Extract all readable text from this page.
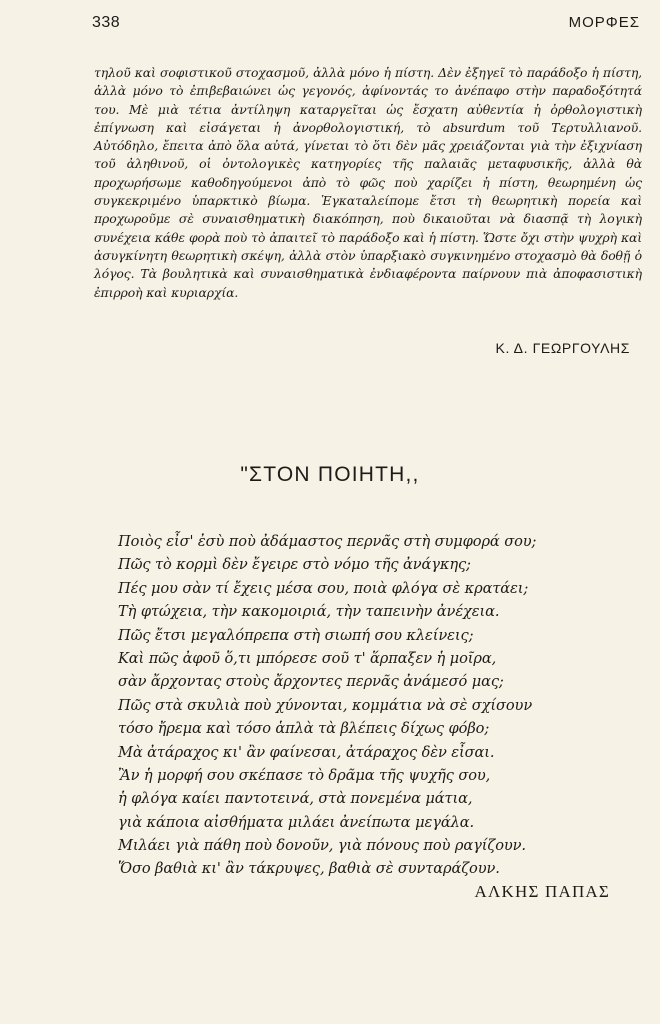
338	ΜΟΡΦΕΣ

τηλοῦ καὶ σοφιστικοῦ στοχασμοῦ, ἀλλὰ μόνο ἡ πίστη. Δὲν ἐξηγεῖ τὸ παράδοξο ἡ πίστη, ἀλλὰ μόνο τὸ ἐπιβεβαιώνει ὡς γεγονός, ἀφίνοντάς το ἀνέπαφο στὴν παραδοξότητά του. Μὲ μιὰ τέτια ἀντίληψη καταργεῖται ὡς ἔσχατη αὐθεντία ἡ ὀρθολογιστικὴ ἐπίγνωση καὶ εἰσάγεται ἡ ἀνορθολογιστική, τὸ absurdum τοῦ Τερτυλλιανοῦ. Αὐτόδηλο, ἔπειτα ἀπὸ ὅλα αὐτά, γίνεται τὸ ὅτι δὲν μᾶς χρειάζονται γιὰ τὴν ἐξιχνίαση τοῦ ἀληθινοῦ, οἱ ὀντολογικὲς κατηγορίες τῆς παλαιᾶς μεταφυσικῆς, ἀλλὰ θὰ προχωρήσωμε καθοδηγούμενοι ἀπὸ τὸ φῶς ποὺ χαρίζει ἡ πίστη, θεωρημένη ὡς συγκεκριμένο ὑπαρκτικὸ βίωμα. Ἐγκαταλείπομε ἔτσι τὴ θεωρητικὴ πορεία καὶ προχωροῦμε σὲ συναισθηματικὴ διακόπηση, ποὺ δικαιοῦται νὰ διασπᾷ τὴ λογικὴ συνέχεια κάθε φορὰ ποὺ τὸ ἀπαιτεῖ τὸ παράδοξο καὶ ἡ πίστη. Ὥστε ὄχι στὴν ψυχρὴ καὶ ἀσυγκίνητη θεωρητικὴ σκέψη, ἀλλὰ στὸν ὑπαρξιακὸ συγκινημένο στοχασμὸ θὰ δοθῇ ὁ λόγος. Τὰ βουλητικὰ καὶ συναισθηματικὰ ἐνδιαφέροντα παίρνουν πιὰ ἀποφασιστικὴ ἐπιρροὴ καὶ κυριαρχία.

Κ. Δ. ΓΕΩΡΓΟΥΛΗΣ
"ΣΤΟΝ ΠΟΙΗΤΗ,,
Ποιὸς εἶσ' ἐσὺ ποὺ ἀδάμαστος περνᾶς στὴ συμφορά σου;
Πῶς τὸ κορμὶ δὲν ἔγειρε στὸ νόμο τῆς ἀνάγκης;
Πές μου σὰν τί ἔχεις μέσα σου, ποιὰ φλόγα σὲ κρατάει;
Τὴ φτώχεια, τὴν κακομοιριά, τὴν ταπεινὴν ἀνέχεια.
Πῶς ἔτσι μεγαλόπρεπα στὴ σιωπή σου κλείνεις;
Καὶ πῶς ἀφοῦ ὅ,τι μπόρεσε σοῦ τ' ἅρπαξεν ἡ μοῖρα,
σὰν ἄρχοντας στοὺς ἄρχοντες περνᾶς ἀνάμεσό μας;
Πῶς στὰ σκυλιὰ ποὺ χύνονται, κομμάτια νὰ σὲ σχίσουν
τόσο ἤρεμα καὶ τόσο ἁπλὰ τὰ βλέπεις δίχως φόβο;
Μὰ ἀτάραχος κι' ἂν φαίνεσαι, ἀτάραχος δὲν εἶσαι.
Ἂν ἡ μορφή σου σκέπασε τὸ δρᾶμα τῆς ψυχῆς σου,
ἡ φλόγα καίει παντοτεινά, στὰ πονεμένα μάτια,
γιὰ κάποια αἰσθήματα μιλάει ἀνείπωτα μεγάλα.
Μιλάει γιὰ πάθη ποὺ δονοῦν, γιὰ πόνους ποὺ ραγίζουν.
Ὅσο βαθιὰ κι' ἂν τάκρυψες, βαθιὰ σὲ συνταράζουν.
ΑΛΚΗΣ ΠΑΠΑΣ
